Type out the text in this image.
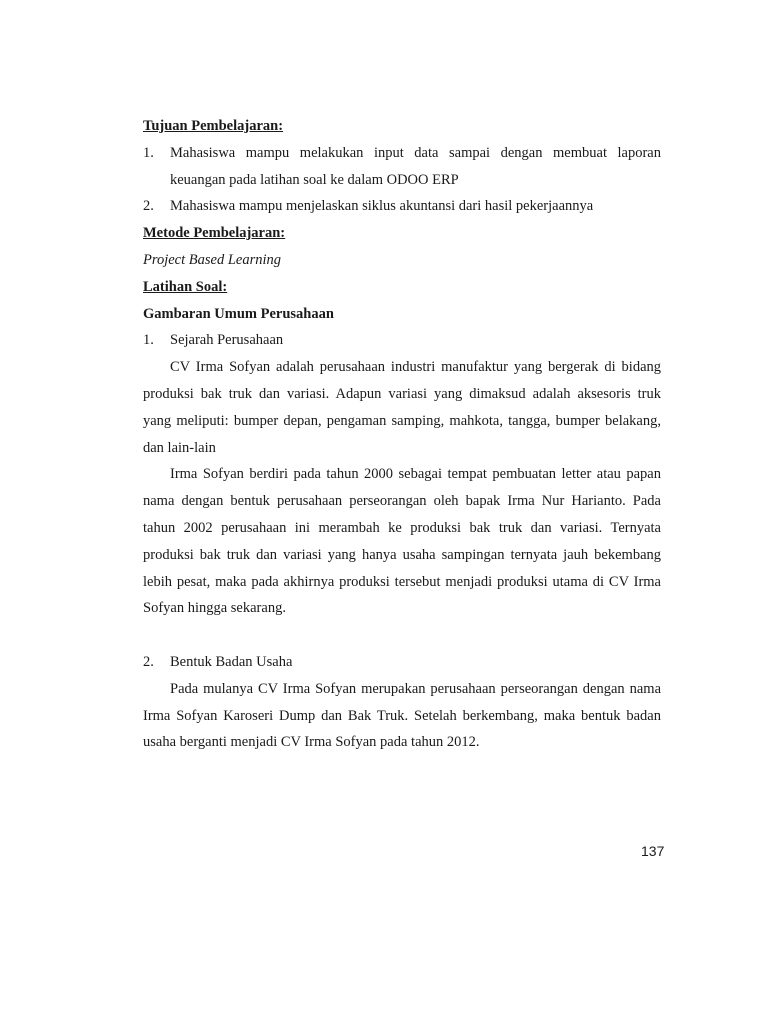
Tujuan Pembelajaran:
1.	Mahasiswa mampu melakukan input data sampai dengan membuat laporan
keuangan pada latihan soal ke dalam ODOO ERP
2.	Mahasiswa mampu menjelaskan siklus akuntansi dari hasil pekerjaannya
Metode Pembelajaran:
Project Based Learning
Latihan Soal:
Gambaran Umum Perusahaan
1.	Sejarah Perusahaan
CV Irma Sofyan adalah perusahaan industri manufaktur yang bergerak di bidang
produksi bak truk dan variasi. Adapun variasi yang dimaksud adalah aksesoris truk
yang meliputi: bumper depan, pengaman samping, mahkota, tangga, bumper belakang,
dan lain-lain
Irma Sofyan berdiri pada tahun 2000 sebagai tempat pembuatan letter atau papan
nama dengan bentuk perusahaan perseorangan oleh bapak Irma Nur Harianto. Pada
tahun 2002 perusahaan ini merambah ke produksi bak truk dan variasi. Ternyata
produksi bak truk dan variasi yang hanya usaha sampingan ternyata jauh bekembang
lebih pesat, maka pada akhirnya produksi tersebut menjadi produksi utama di CV Irma
Sofyan hingga sekarang.
2.	Bentuk Badan Usaha
Pada mulanya CV Irma Sofyan merupakan perusahaan perseorangan dengan nama
Irma Sofyan Karoseri Dump dan Bak Truk. Setelah berkembang, maka bentuk badan
usaha berganti menjadi CV Irma Sofyan pada tahun 2012.
137
